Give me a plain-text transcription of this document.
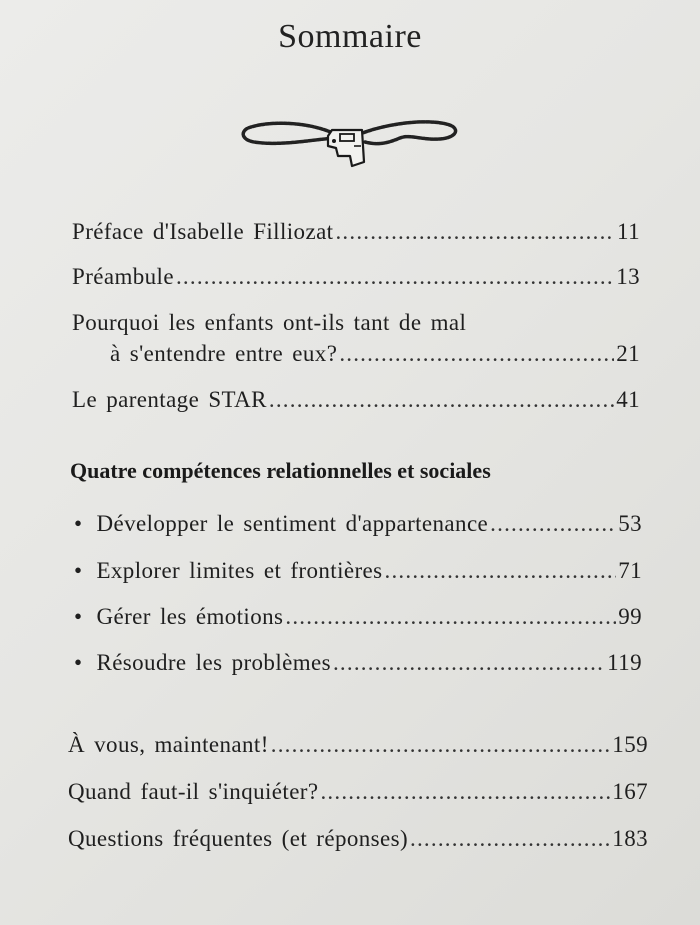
Sommaire
Préface d'Isabelle Filliozat .....	11
Préambule .....	13
Pourquoi les enfants ont-ils tant de mal
à s'entendre entre eux? .....	21
Le parentage STAR .....	41
Quatre compétences relationnelles et sociales
• Développer le sentiment d'appartenance .....	53
• Explorer limites et frontières .....	71
• Gérer les émotions .....	99
• Résoudre les problèmes .....	119
À vous, maintenant! .....	159
Quand faut-il s'inquiéter? .....	167
Questions fréquentes (et réponses) .....	183
